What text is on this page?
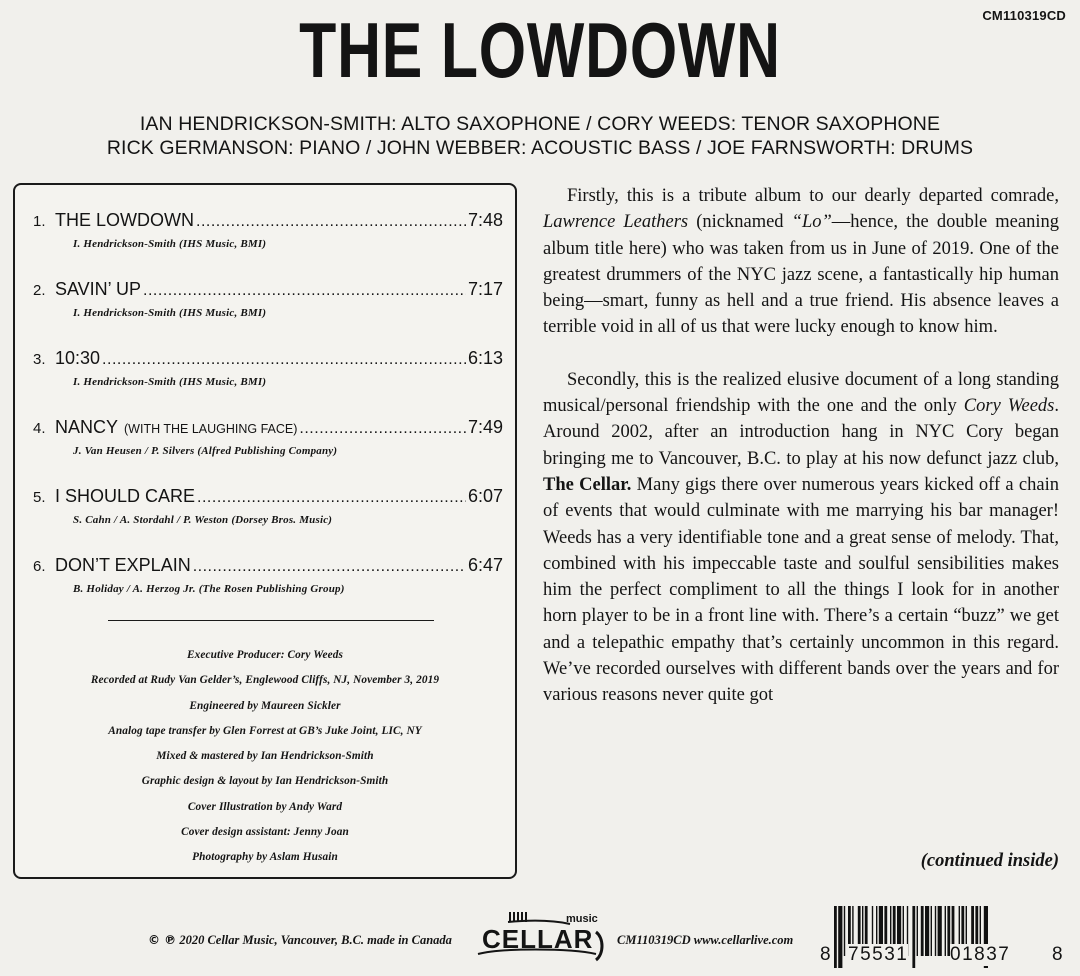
CM110319CD
THE LOWDOWN
IAN HENDRICKSON-SMITH: ALTO SAXOPHONE / CORY WEEDS: TENOR SAXOPHONE
RICK GERMANSON: PIANO / JOHN WEBBER: ACOUSTIC BASS / JOE FARNSWORTH: DRUMS
1. THE LOWDOWN .....	7:48
I. Hendrickson-Smith (IHS Music, BMI)
2. SAVIN’ UP .....	7:17
I. Hendrickson-Smith (IHS Music, BMI)
3. 10:30 .....	6:13
I. Hendrickson-Smith (IHS Music, BMI)
4. NANCY (WITH THE LAUGHING FACE) .....	7:49
J. Van Heusen / P. Silvers (Alfred Publishing Company)
5. I SHOULD CARE .....	6:07
S. Cahn / A. Stordahl / P. Weston (Dorsey Bros. Music)
6. DON’T EXPLAIN .....	6:47
B. Holiday / A. Herzog Jr. (The Rosen Publishing Group)
Executive Producer: Cory Weeds
Recorded at Rudy Van Gelder’s, Englewood Cliffs, NJ, November 3, 2019
Engineered by Maureen Sickler
Analog tape transfer by Glen Forrest at GB’s Juke Joint, LIC, NY
Mixed & mastered by Ian Hendrickson-Smith
Graphic design & layout by Ian Hendrickson-Smith
Cover Illustration by Andy Ward
Cover design assistant: Jenny Joan
Photography by Aslam Husain

Firstly, this is a tribute album to our dearly departed comrade, Lawrence Leathers (nicknamed “Lo”—hence, the double meaning album title here) who was taken from us in June of 2019. One of the greatest drummers of the NYC jazz scene, a fantastically hip human being—smart, funny as hell and a true friend. His absence leaves a terrible void in all of us that were lucky enough to know him.

Secondly, this is the realized elusive document of a long standing musical/personal friendship with the one and the only Cory Weeds. Around 2002, after an introduction hang in NYC Cory began bringing me to Vancouver, B.C. to play at his now defunct jazz club, The Cellar. Many gigs there over numerous years kicked off a chain of events that would culminate with me marrying his bar manager! Weeds has a very identifiable tone and a great sense of melody. That, combined with his impeccable taste and soulful sensibilities makes him the perfect compliment to all the things I look for in another horn player to be in a front line with. There’s a certain “buzz” we get and a telepathic empathy that’s certainly uncommon in this regard. We’ve recorded ourselves with different bands over the years and for various reasons never quite got

(continued inside)
© ℗ 2020 Cellar Music, Vancouver, B.C. made in Canada CELLAR
music
CM110319CD www.cellarlive.com
8 75531 01837 8
